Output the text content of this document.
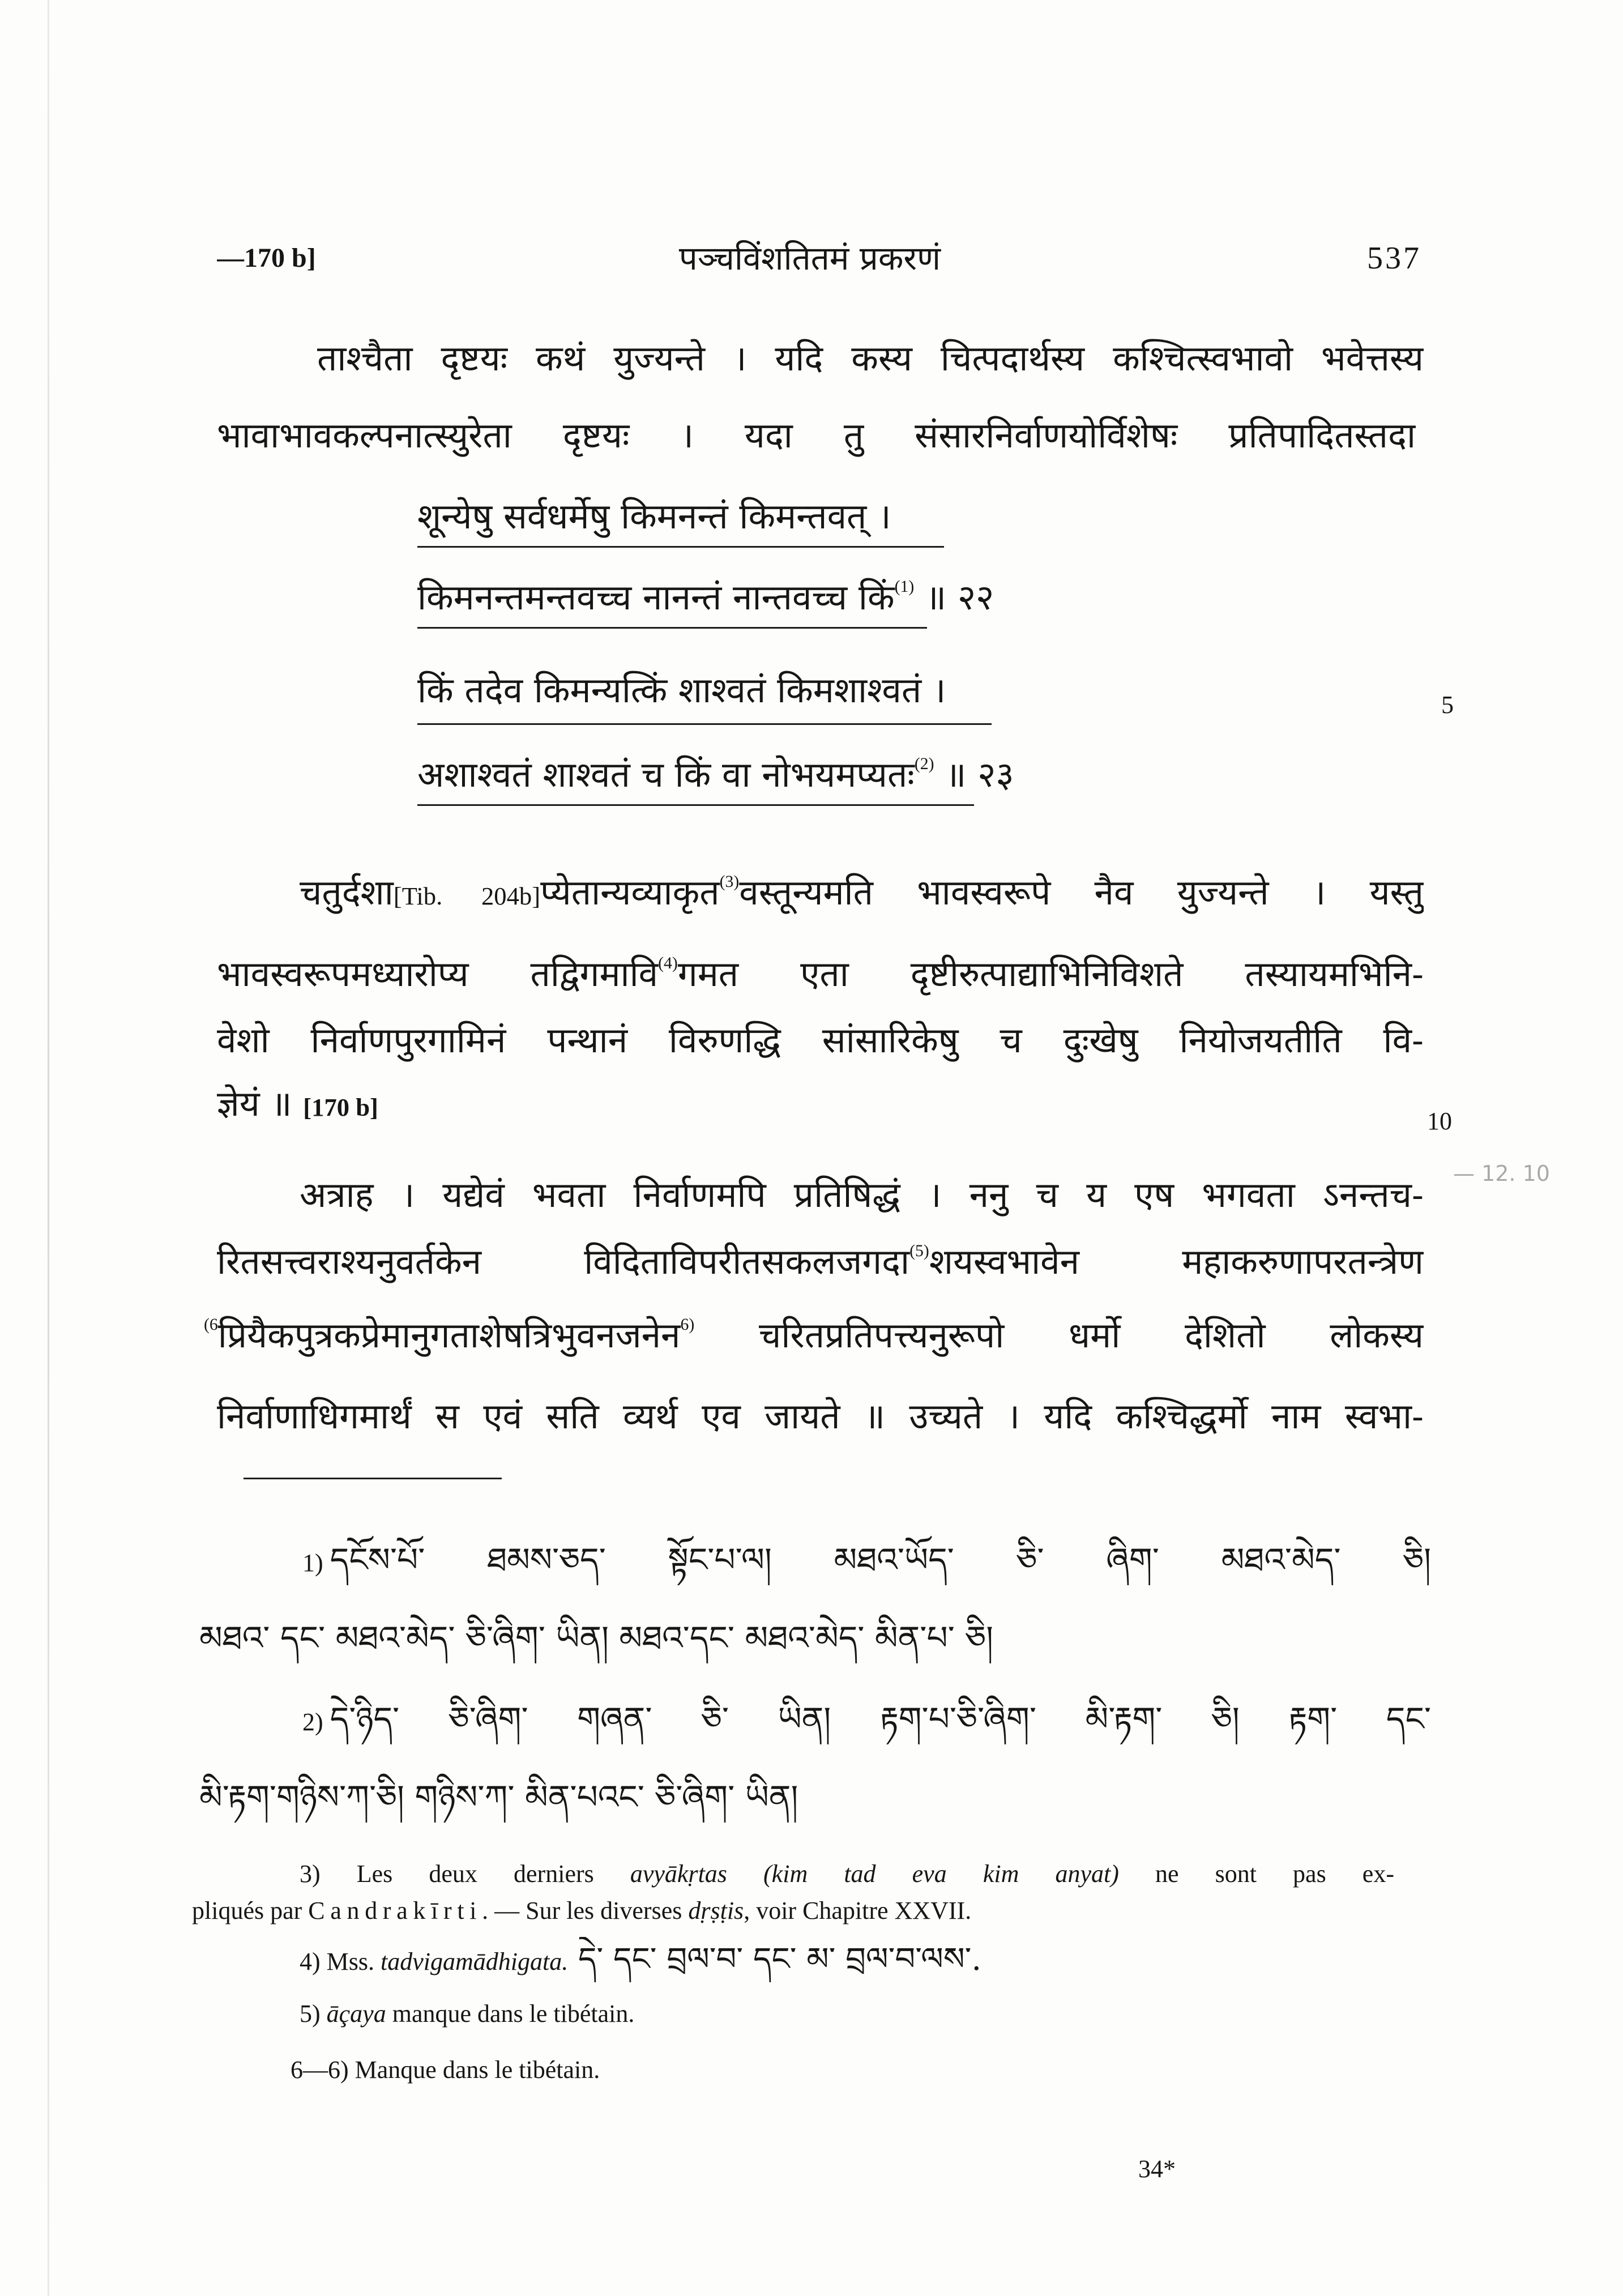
—170 b]	पञ्चविंशतितमं प्रकरणं	537
ताश्चैता दृष्टयः कथं युज्यन्ते । यदि कस्य चित्पदार्थस्य कश्चित्स्वभावो भवेत्तस्य
भावाभावकल्पनात्स्युरेता दृष्टयः । यदा तु संसारनिर्वाणयोर्विशेषः प्रतिपादितस्तदा
शून्येषु सर्वधर्मेषु किमनन्तं किमन्तवत् ।
किमनन्तमन्तवच्च नानन्तं नान्तवच्च किं$^{(1)}$ ॥ २२
किं तदेव किमन्यत्किं शाश्वतं किमशाश्वतं ।
अशाश्वतं शाश्वतं च किं वा नोभयमप्यतः$^{(2)}$ ॥ २३
5
चतुर्दशा[Tib. 204b]प्येतान्यव्याकृत$^{(3)}$वस्तून्यमति भावस्वरूपे नैव युज्यन्ते । यस्तु
भावस्वरूपमध्यारोप्य तद्विगमावि$^{(4)}$गमत एता दृष्टीरुत्पाद्याभिनिविशते तस्यायमभिनि-
वेशो निर्वाणपुरगामिनं पन्थानं विरुणद्धि सांसारिकेषु च दुःखेषु नियोजयतीति वि-
ज्ञेयं ॥ [170 b]	10
— 12. 10
अत्राह । यद्येवं भवता निर्वाणमपि प्रतिषिद्धं । ननु च य एष भगवता ऽनन्तच-
रितसत्त्वराश्यनुवर्तकेन विदिताविपरीतसकलजगदा$^{(5)}$शयस्वभावेन महाकरुणापरतन्त्रेण
$^{(6}$प्रियैकपुत्रकप्रेमानुगताशेषत्रिभुवनजनेन$^{6)}$ चरितप्रतिपत्त्यनुरूपो धर्मो देशितो लोकस्य
निर्वाणाधिगमार्थं स एवं सति व्यर्थ एव जायते ॥ उच्यते । यदि कश्चिद्धर्मो नाम स्वभा-
1) དངོས་པོ་ ཐམས་ཅད་ སྟོང་པ་ལ། མཐའ་ཡོད་ ཅི་ ཞིག་ མཐའ་མེད་ ཅི།
མཐའ་ དང་ མཐའ་མེད་ ཅི་ཞིག་ ཡིན། མཐའ་དང་ མཐའ་མེད་ མིན་པ་ ཅི།
2) དེ་ཉིད་ ཅི་ཞིག་ གཞན་ ཅི་ ཡིན། རྟག་པ་ཅི་ཞིག་ མི་རྟག་ ཅི། རྟག་ དང་
མི་རྟག་གཉིས་ཀ་ཅི། གཉིས་ཀ་ མིན་པའང་ ཅི་ཞིག་ ཡིན།
3) Les deux derniers avyākṛtas (kim tad eva kim anyat) ne sont pas ex-
pliqués par Candrakīrti. — Sur les diverses dṛṣṭis, voir Chapitre XXVII.
4) Mss. tadvigamādhigata. དེ་ དང་ བྲལ་བ་ དང་ མ་ བྲལ་བ་ལས་.
5) āçaya manque dans le tibétain.
6—6) Manque dans le tibétain.
34*
